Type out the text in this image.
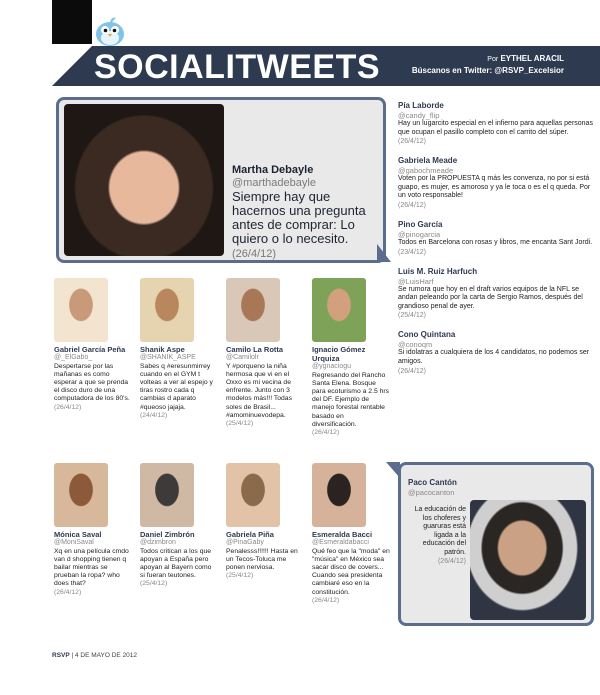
SOCIALITWEETS	Por EYTHEL ARACIL
Búscanos en Twitter: @RSVP_Excelsior
Martha Debayle
@marthadebayle
Siempre hay que hacernos una pregunta antes de comprar: Lo quiero o lo necesito. (26/4/12)
Pía Laborde
@candy_flip
Hay un lugarcito especial en el infierno para aquellas personas que ocupan el pasillo completo con el carrito del súper.
(26/4/12)
Gabriela Meade
@gabochmeade
Voten por la PROPUESTA q más les convenza, no por si está guapo, es mujer, es amoroso y ya le toca o es el q queda. Por un voto responsable!
(26/4/12)
Pino García
@pinogarcia
Todos en Barcelona con rosas y libros, me encanta Sant Jordi.
(23/4/12)
Luis M. Ruiz Harfuch
@LuisHarf
Se rumora que hoy en el draft varios equipos de la NFL se andan peleando por la carta de Sergio Ramos, después del grandioso penal de ayer.
(25/4/12)
Cono Quintana
@conoqm
Si idolatras a cualquiera de los 4 candidatos, no podemos ser amigos.
(26/4/12)
Gabriel García Peña
@_ElGabo_
Despertarse por las mañanas es como esperar a que se prenda el disco duro de una computadora de los 80's.
(26/4/12)
Shanik Aspe
@SHANIK_ASPE
Sabes q #eresunmirrey cuando en el GYM t volteas a ver al espejo y tiras rostro cada q cambias d aparato #queoso jajaja.
(24/4/12)
Camilo La Rotta
@Camilolr
Y #porqueno la niña hermosa que vi en el Oxxo es mi vecina de enfrente. Junto con 3 modelos más!!! Todas soles de Brasil... #amominuevodepa.
(25/4/12)
Ignacio Gómez Urquiza
@ygnaciogu
Regresando del Rancho Santa Elena. Bosque para ecoturismo a 2.5 hrs del DF. Ejemplo de manejo forestal rentable basado en diversificación.
(26/4/12)
Mónica Saval
@MoniSaval
Xq en una película cmdo van d shopping tienen q bailar mientras se prueban la ropa? who does that?
(26/4/12)
Daniel Zimbrón
@dzimbron
Todos critican a los que apoyan a España pero apoyan al Bayern como si fueran teutones.
(25/4/12)
Gabriela Piña
@PinaGaby
Penalesss!!!!!! Hasta en un Tecos-Toluca me ponen nerviosa.
(25/4/12)
Esmeralda Bacci
@Esmeraldabacci
Qué feo que la "moda" en "música" en México sea sacar disco de covers... Cuando sea presidenta cambiaré eso en la constitución.
(26/4/12)
Paco Cantón
@pacocanton
La educación de los choferes y guaruras está ligada a la educación del patrón.
(26/4/12)
RSVP | 4 DE MAYO DE 2012
